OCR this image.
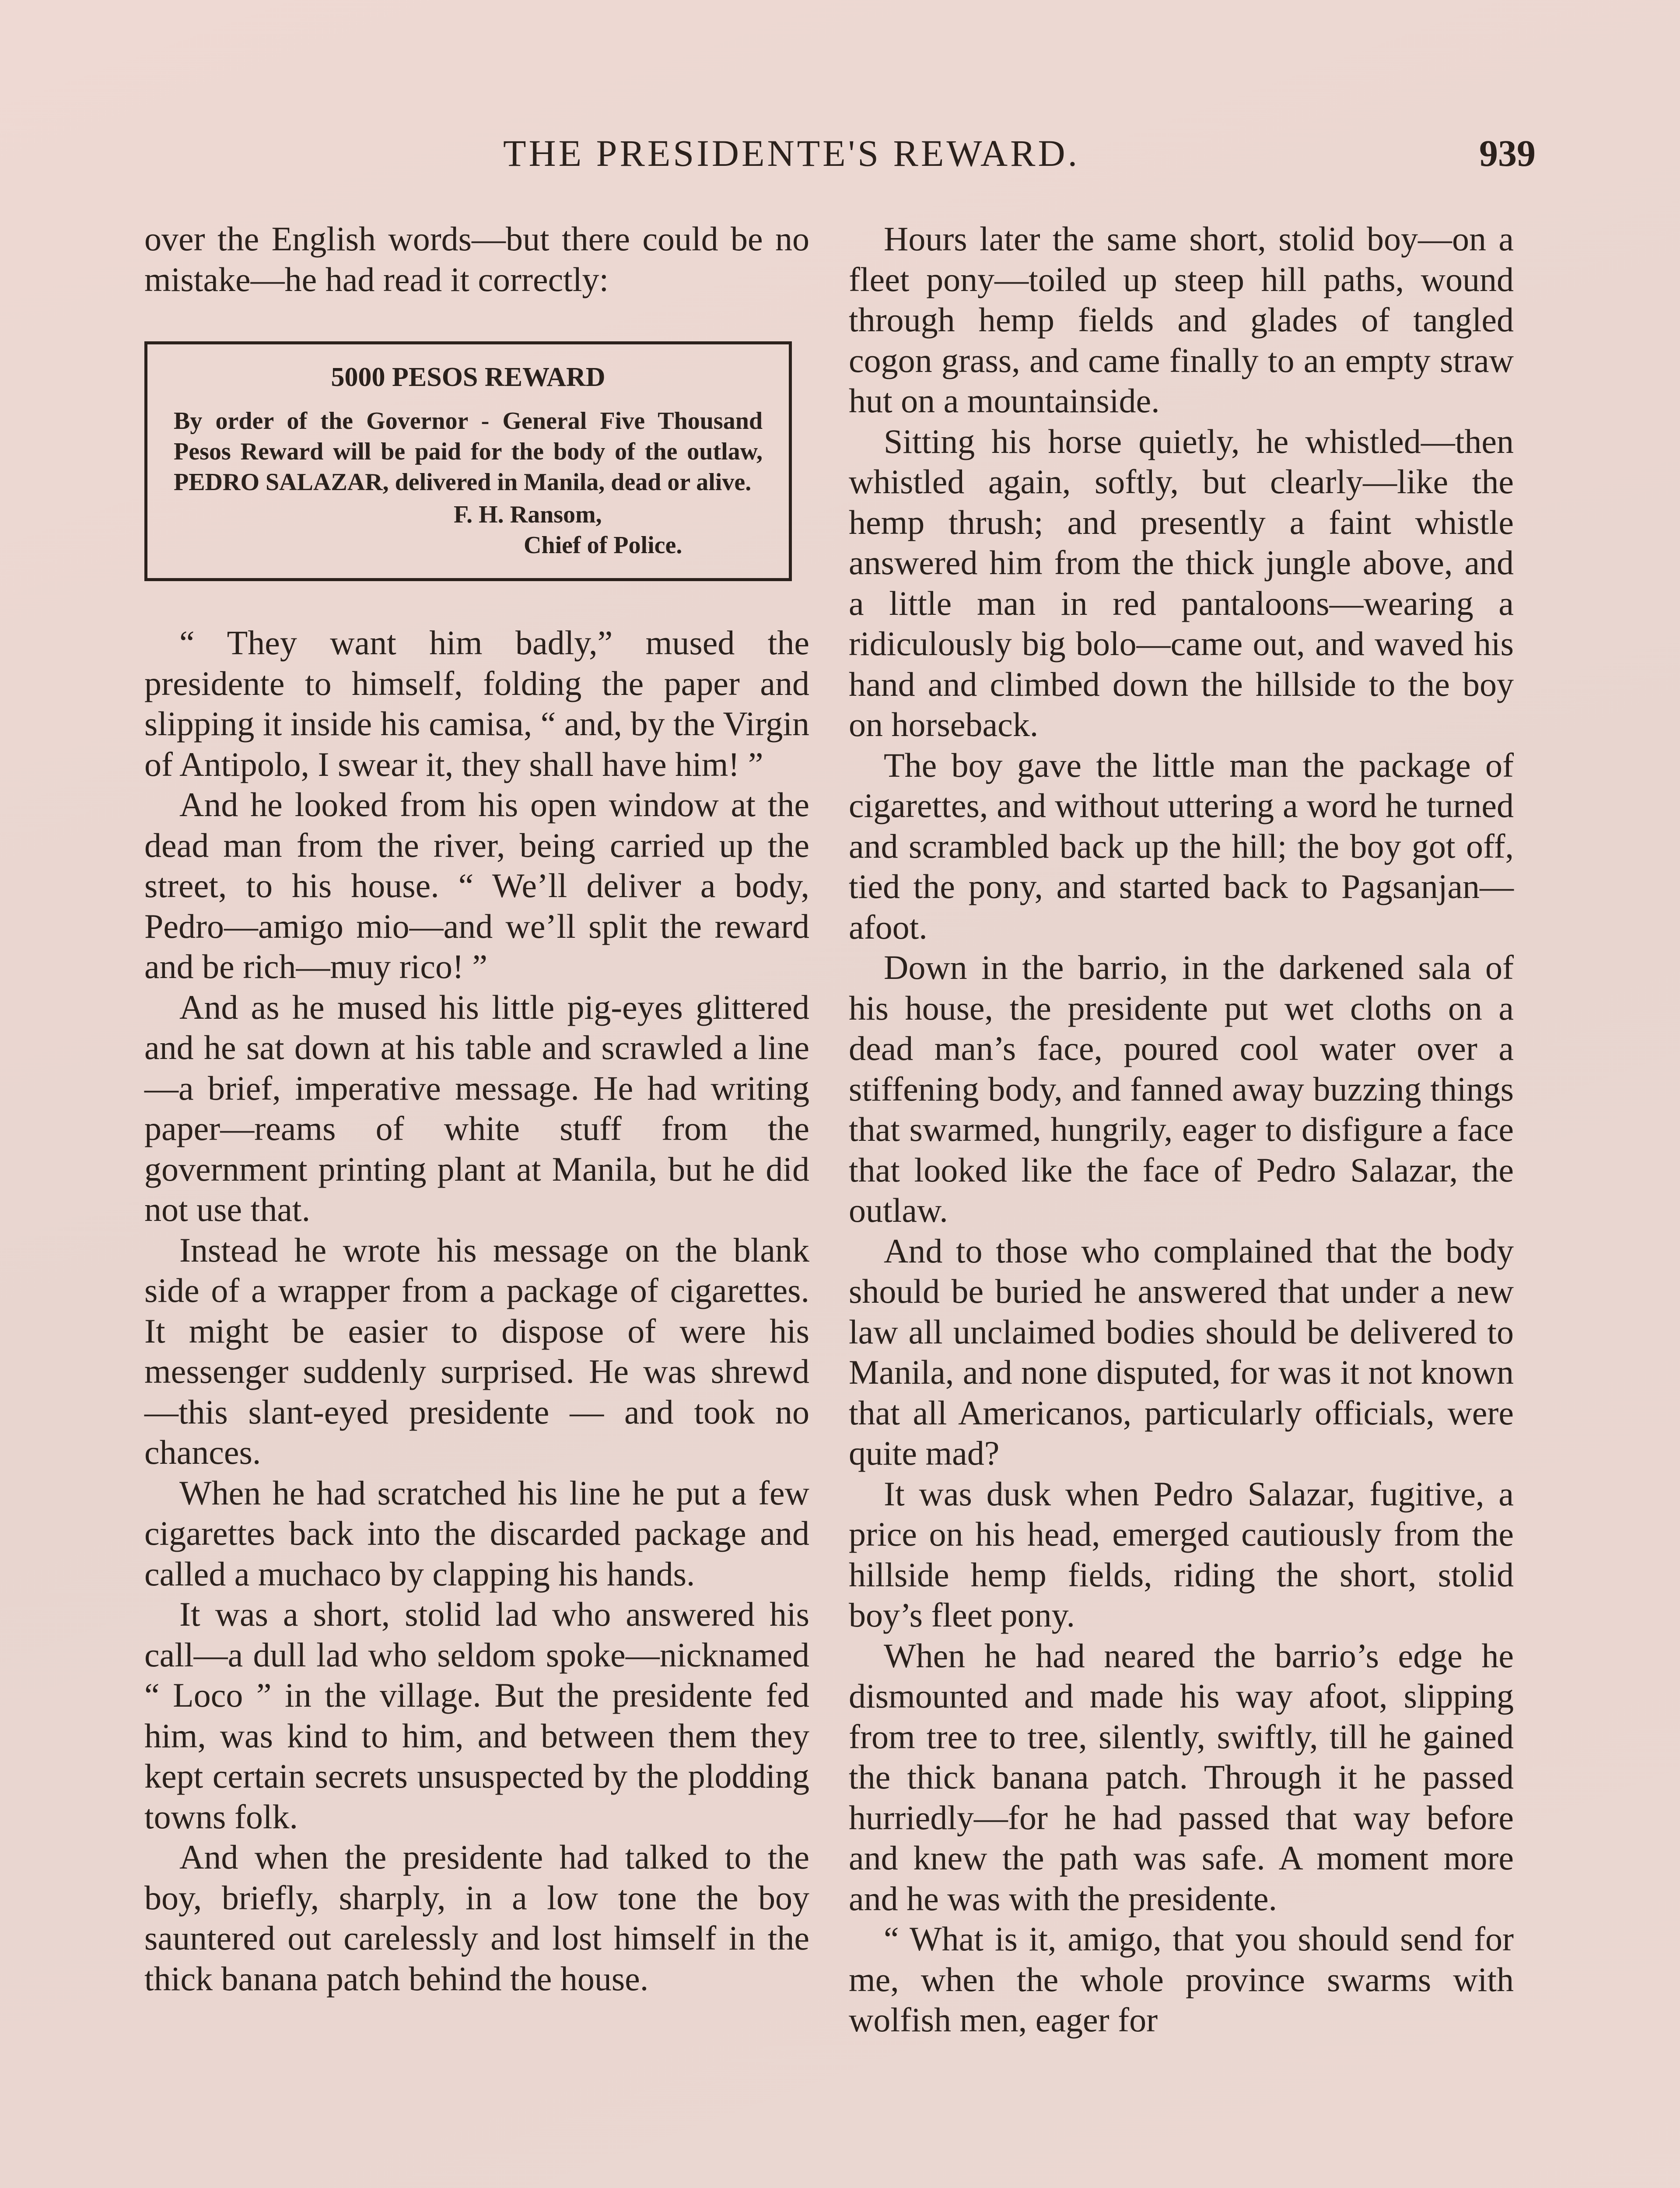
THE PRESIDENTE'S REWARD.	939

over the English words—but there could be no mistake—he had read it correctly:

5000 PESOS REWARD
By order of the Governor - General Five Thousand Pesos Reward will be paid for the body of the outlaw, PEDRO SALAZAR, delivered in Manila, dead or alive.
F. H. Ransom,
Chief of Police.

“ They want him badly,” mused the presidente to himself, folding the paper and slipping it inside his camisa, “ and, by the Virgin of Antipolo, I swear it, they shall have him! ”

And he looked from his open window at the dead man from the river, being carried up the street, to his house. “ We’ll deliver a body, Pedro—amigo mio—and we’ll split the reward and be rich—muy rico! ”

And as he mused his little pig-eyes glittered and he sat down at his table and scrawled a line—a brief, imperative message. He had writing paper—reams of white stuff from the government printing plant at Manila, but he did not use that.

Instead he wrote his message on the blank side of a wrapper from a package of cigarettes. It might be easier to dispose of were his messenger suddenly surprised. He was shrewd—this slant-eyed presidente — and took no chances.

When he had scratched his line he put a few cigarettes back into the discarded package and called a muchaco by clapping his hands.

It was a short, stolid lad who answered his call—a dull lad who seldom spoke—nicknamed “ Loco ” in the village. But the presidente fed him, was kind to him, and between them they kept certain secrets unsuspected by the plodding towns folk.

And when the presidente had talked to the boy, briefly, sharply, in a low tone the boy sauntered out carelessly and lost himself in the thick banana patch behind the house.

Hours later the same short, stolid boy—on a fleet pony—toiled up steep hill paths, wound through hemp fields and glades of tangled cogon grass, and came finally to an empty straw hut on a mountainside.

Sitting his horse quietly, he whistled—then whistled again, softly, but clearly—like the hemp thrush; and presently a faint whistle answered him from the thick jungle above, and a little man in red pantaloons—wearing a ridiculously big bolo—came out, and waved his hand and climbed down the hillside to the boy on horseback.

The boy gave the little man the package of cigarettes, and without uttering a word he turned and scrambled back up the hill; the boy got off, tied the pony, and started back to Pagsanjan—afoot.

Down in the barrio, in the darkened sala of his house, the presidente put wet cloths on a dead man’s face, poured cool water over a stiffening body, and fanned away buzzing things that swarmed, hungrily, eager to disfigure a face that looked like the face of Pedro Salazar, the outlaw.

And to those who complained that the body should be buried he answered that under a new law all unclaimed bodies should be delivered to Manila, and none disputed, for was it not known that all Americanos, particularly officials, were quite mad?

It was dusk when Pedro Salazar, fugitive, a price on his head, emerged cautiously from the hillside hemp fields, riding the short, stolid boy’s fleet pony.

When he had neared the barrio’s edge he dismounted and made his way afoot, slipping from tree to tree, silently, swiftly, till he gained the thick banana patch. Through it he passed hurriedly—for he had passed that way before and knew the path was safe. A moment more and he was with the presidente.

“ What is it, amigo, that you should send for me, when the whole province swarms with wolfish men, eager for
